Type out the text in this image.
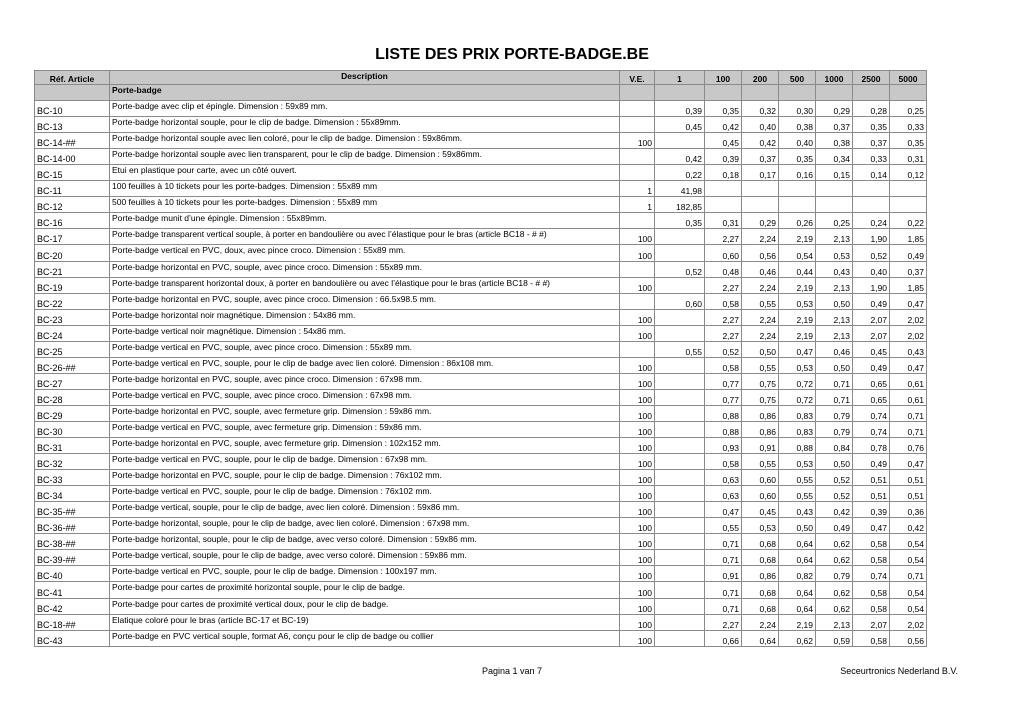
LISTE DES PRIX PORTE-BADGE.BE
Réf. Article	Description	V.E.	1	100	200	500	1000	2500	5000
	Porte-badge								
BC-10	Porte-badge avec clip et épingle. Dimension : 59x89 mm.		0,39	0,35	0,32	0,30	0,29	0,28	0,25
BC-13	Porte-badge horizontal souple, pour le clip de badge. Dimension : 55x89mm.		0,45	0,42	0,40	0,38	0,37	0,35	0,33
BC-14-##	Porte-badge horizontal souple avec lien coloré, pour le clip de badge. Dimension : 59x86mm.	100		0,45	0,42	0,40	0,38	0,37	0,35
BC-14-00	Porte-badge horizontal souple avec lien transparent, pour le clip de badge. Dimension : 59x86mm.		0,42	0,39	0,37	0,35	0,34	0,33	0,31
BC-15	Etui en plastique pour carte, avec un côté ouvert.		0,22	0,18	0,17	0,16	0,15	0,14	0,12
BC-11	100 feuilles à 10 tickets pour les porte-badges. Dimension : 55x89 mm	1	41,98						
BC-12	500 feuilles à 10 tickets pour les porte-badges. Dimension : 55x89 mm	1	182,85						
BC-16	Porte-badge munit d’une épingle. Dimension : 55x89mm.		0,35	0,31	0,29	0,26	0,25	0,24	0,22
BC-17	Porte-badge transparent vertical souple, à porter en bandoulière ou avec l’élastique pour le bras (article BC18 - # #)	100		2,27	2,24	2,19	2,13	1,90	1,85
BC-20	Porte-badge vertical en PVC, doux, avec pince croco. Dimension : 55x89 mm.	100		0,60	0,56	0,54	0,53	0,52	0,49
BC-21	Porte-badge horizontal en PVC, souple, avec pince croco. Dimension : 55x89 mm.		0,52	0,48	0,46	0,44	0,43	0,40	0,37
BC-19	Porte-badge transparent horizontal doux, à porter en bandoulière ou avec l’élastique pour le bras (article BC18 - # #)	100		2,27	2,24	2,19	2,13	1,90	1,85
BC-22	Porte-badge horizontal en PVC, souple, avec pince croco. Dimension : 66.5x98.5 mm.		0,60	0,58	0,55	0,53	0,50	0,49	0,47
BC-23	Porte-badge horizontal noir magnétique. Dimension : 54x86 mm.	100		2,27	2,24	2,19	2,13	2,07	2,02
BC-24	Porte-badge vertical noir magnétique. Dimension : 54x86 mm.	100		2,27	2,24	2,19	2,13	2,07	2,02
BC-25	Porte-badge vertical en PVC, souple, avec pince croco. Dimension : 55x89 mm.		0,55	0,52	0,50	0,47	0,46	0,45	0,43
BC-26-##	Porte-badge vertical en PVC, souple, pour le clip de badge avec lien coloré. Dimension : 86x108 mm.	100		0,58	0,55	0,53	0,50	0,49	0,47
BC-27	Porte-badge horizontal en PVC, souple, avec pince croco. Dimension : 67x98 mm.	100		0,77	0,75	0,72	0,71	0,65	0,61
BC-28	Porte-badge vertical en PVC, souple, avec pince croco. Dimension : 67x98 mm.	100		0,77	0,75	0,72	0,71	0,65	0,61
BC-29	Porte-badge horizontal en PVC, souple, avec fermeture grip. Dimension : 59x86 mm.	100		0,88	0,86	0,83	0,79	0,74	0,71
BC-30	Porte-badge vertical en PVC, souple, avec fermeture grip. Dimension : 59x86 mm.	100		0,88	0,86	0,83	0,79	0,74	0,71
BC-31	Porte-badge horizontal en PVC, souple, avec fermeture grip. Dimension : 102x152 mm.	100		0,93	0,91	0,88	0,84	0,78	0,76
BC-32	Porte-badge vertical en PVC, souple, pour le clip de badge. Dimension : 67x98 mm.	100		0,58	0,55	0,53	0,50	0,49	0,47
BC-33	Porte-badge horizontal en PVC, souple, pour le clip de badge. Dimension : 76x102 mm.	100		0,63	0,60	0,55	0,52	0,51	0,51
BC-34	Porte-badge vertical en PVC, souple, pour le clip de badge. Dimension : 76x102 mm.	100		0,63	0,60	0,55	0,52	0,51	0,51
BC-35-##	Porte-badge vertical, souple, pour le clip de badge, avec lien coloré. Dimension : 59x86 mm.	100		0,47	0,45	0,43	0,42	0,39	0,36
BC-36-##	Porte-badge horizontal, souple, pour le clip de badge, avec lien coloré. Dimension : 67x98 mm.	100		0,55	0,53	0,50	0,49	0,47	0,42
BC-38-##	Porte-badge horizontal, souple, pour le clip de badge, avec verso coloré. Dimension : 59x86 mm.	100		0,71	0,68	0,64	0,62	0,58	0,54
BC-39-##	Porte-badge vertical, souple, pour le clip de badge, avec verso coloré. Dimension : 59x86 mm.	100		0,71	0,68	0,64	0,62	0,58	0,54
BC-40	Porte-badge vertical en PVC, souple, pour le clip de badge. Dimension : 100x197 mm.	100		0,91	0,86	0,82	0,79	0,74	0,71
BC-41	Porte-badge pour cartes de proximité horizontal souple, pour le clip de badge.	100		0,71	0,68	0,64	0,62	0,58	0,54
BC-42	Porte-badge pour cartes de proximité vertical doux, pour le clip de badge.	100		0,71	0,68	0,64	0,62	0,58	0,54
BC-18-##	Elatique coloré pour le bras (article BC-17 et BC-19)	100		2,27	2,24	2,19	2,13	2,07	2,02
BC-43	Porte-badge en PVC vertical souple, format A6, conçu pour le clip de badge ou collier	100		0,66	0,64	0,62	0,59	0,58	0,56
Pagina 1 van 7	Seceurtronics Nederland B.V.
